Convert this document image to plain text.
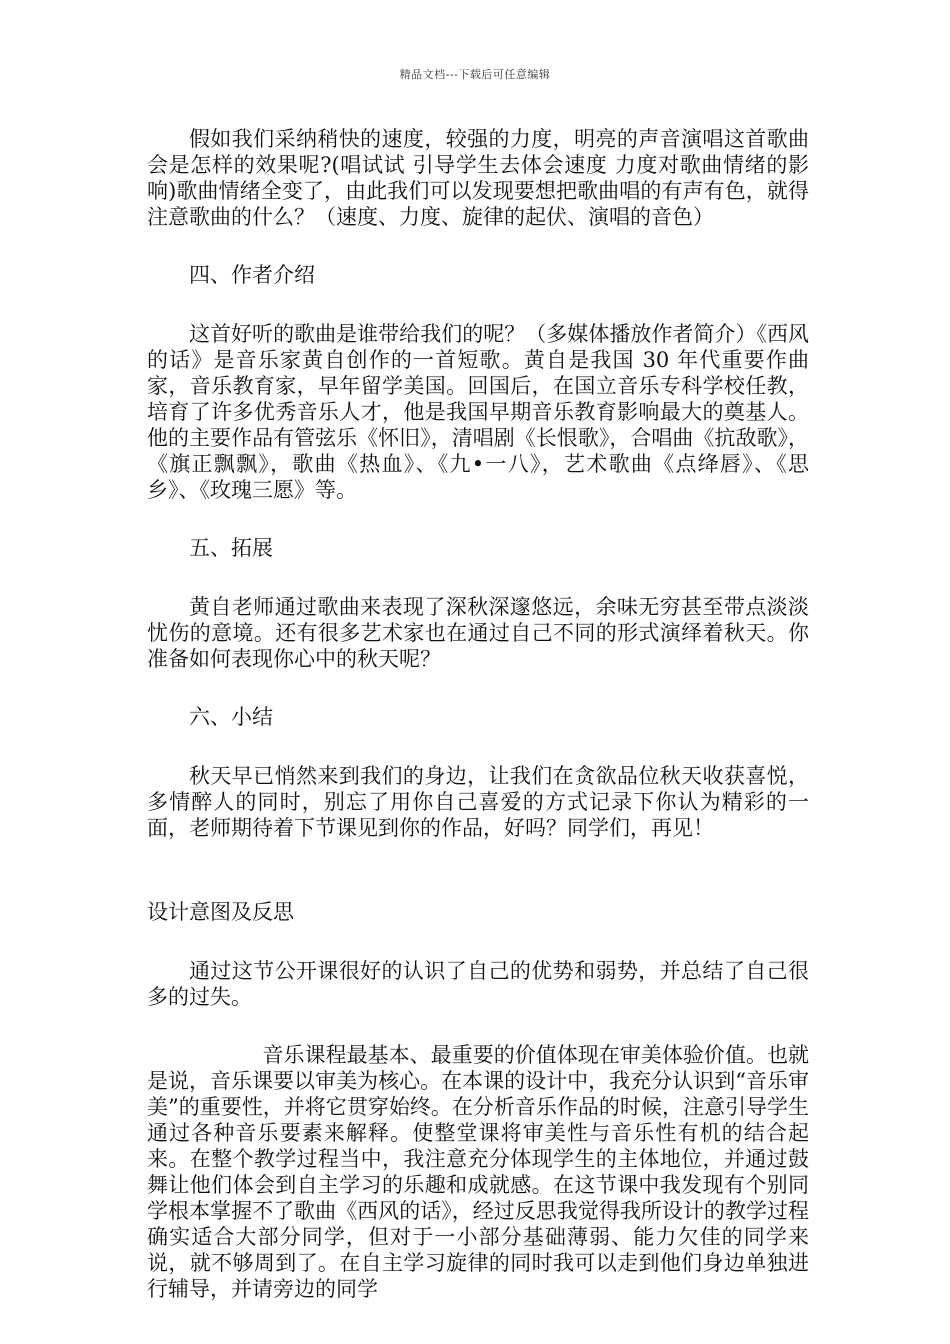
精品文档---下载后可任意编辑

假如我们采纳稍快的速度，较强的力度，明亮的声音演唱这首歌曲会是怎样的效果呢?(唱试试 引导学生去体会速度 力度对歌曲情绪的影响)歌曲情绪全变了，由此我们可以发现要想把歌曲唱的有声有色，就得注意歌曲的什么？（速度、力度、旋律的起伏、演唱的音色）

四、作者介绍

这首好听的歌曲是谁带给我们的呢？（多媒体播放作者简介）《西风的话》是音乐家黄自创作的一首短歌。黄自是我国 30 年代重要作曲家，音乐教育家，早年留学美国。回国后，在国立音乐专科学校任教，培育了许多优秀音乐人才，他是我国早期音乐教育影响最大的奠基人。 他的主要作品有管弦乐《怀旧》，清唱剧《长恨歌》，合唱曲《抗敌歌》，《旗正飘飘》，歌曲《热血》、《九•一八》，艺术歌曲《点绛唇》、《思乡》、《玫瑰三愿》等。

五、拓展

黄自老师通过歌曲来表现了深秋深邃悠远，余味无穷甚至带点淡淡忧伤的意境。还有很多艺术家也在通过自己不同的形式演绎着秋天。你准备如何表现你心中的秋天呢？

六、小结

秋天早已悄然来到我们的身边，让我们在贪欲品位秋天收获喜悦，多情醉人的同时，别忘了用你自己喜爱的方式记录下你认为精彩的一面，老师期待着下节课见到你的作品，好吗？同学们，再见！

设计意图及反思

通过这节公开课很好的认识了自己的优势和弱势，并总结了自己很多的过失。

音乐课程最基本、最重要的价值体现在审美体验价值。也就是说，音乐课要以审美为核心。在本课的设计中，我充分认识到“音乐审美”的重要性，并将它贯穿始终。在分析音乐作品的时候，注意引导学生通过各种音乐要素来解释。使整堂课将审美性与音乐性有机的结合起来。在整个教学过程当中，我注意充分体现学生的主体地位，并通过鼓舞让他们体会到自主学习的乐趣和成就感。在这节课中我发现有个别同学根本掌握不了歌曲《西风的话》，经过反思我觉得我所设计的教学过程确实适合大部分同学，但对于一小部分基础薄弱、能力欠佳的同学来说，就不够周到了。在自主学习旋律的同时我可以走到他们身边单独进行辅导，并请旁边的同学
